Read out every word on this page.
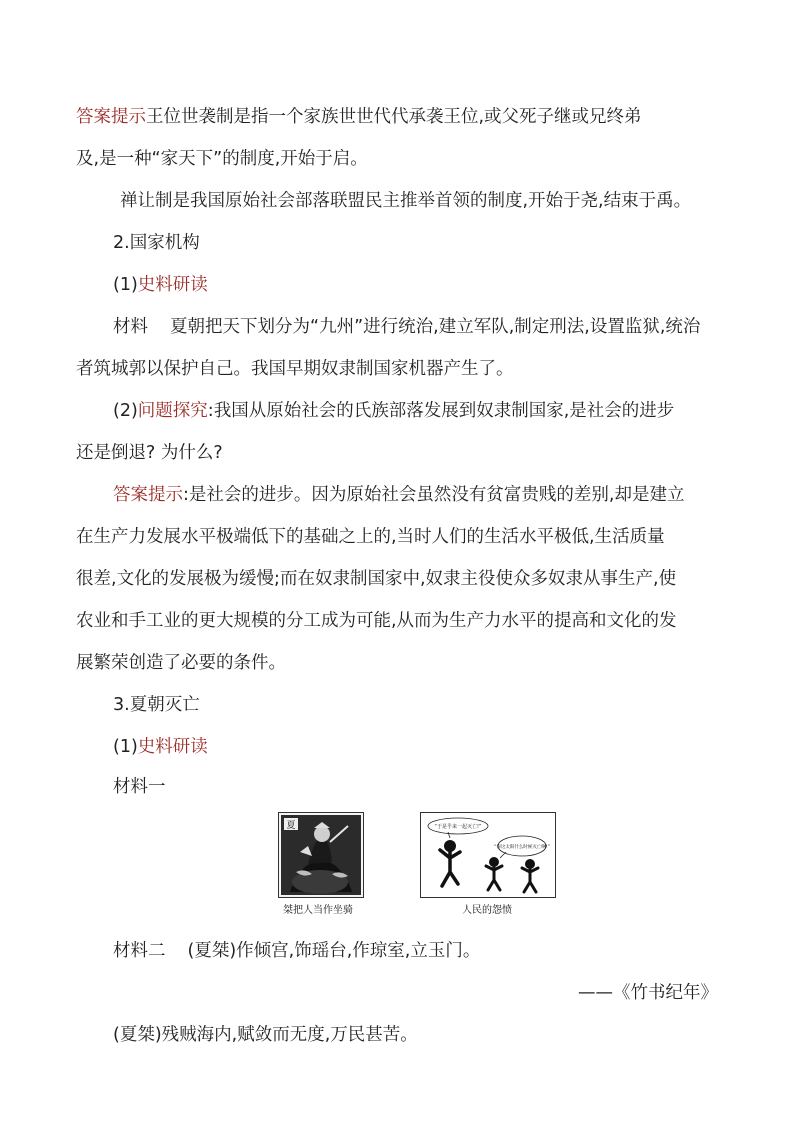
答案提示王位世袭制是指一个家族世世代代承袭王位,或父死子继或兄终弟
及,是一种“家天下”的制度,开始于启。
禅让制是我国原始社会部落联盟民主推举首领的制度,开始于尧,结束于禹。
2.国家机构
(1)史料研读
材料 夏朝把天下划分为“九州”进行统治,建立军队,制定刑法,设置监狱,统治
者筑城郭以保护自己。我国早期奴隶制国家机器产生了。
(2)问题探究:我国从原始社会的氏族部落发展到奴隶制国家,是社会的进步
还是倒退? 为什么?
答案提示:是社会的进步。因为原始社会虽然没有贫富贵贱的差别,却是建立
在生产力发展水平极端低下的基础之上的,当时人们的生活水平极低,生活质量
很差,文化的发展极为缓慢;而在奴隶制国家中,奴隶主役使众多奴隶从事生产,使
农业和手工业的更大规模的分工成为可能,从而为生产力水平的提高和文化的发
展繁荣创造了必要的条件。
3.夏朝灭亡
(1)史料研读
材料一
夏
桀把人当作坐骑
“于是乎来一起灭亡!”
“你这太阳什么时候灭亡啊!”
人民的怨愤
材料二 (夏桀)作倾宫,饰瑶台,作琼室,立玉门。
——《竹书纪年》
(夏桀)残贼海内,赋敛而无度,万民甚苦。
